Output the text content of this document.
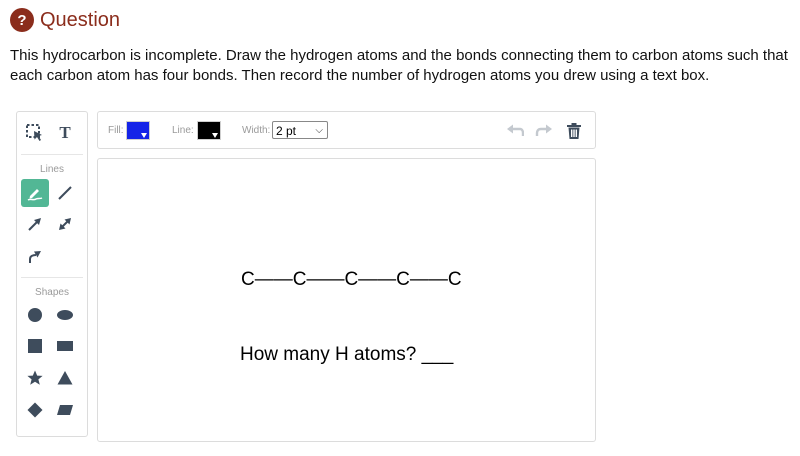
? Question
This hydrocarbon is incomplete. Draw the hydrogen atoms and the bonds connecting them to carbon atoms such that each carbon atom has four bonds. Then record the number of hydrogen atoms you drew using a text box.
T
Lines
Shapes
Fill:	Line:	Width: 2 pt ⌵
C——C——C——C——C
How many H atoms? ___
